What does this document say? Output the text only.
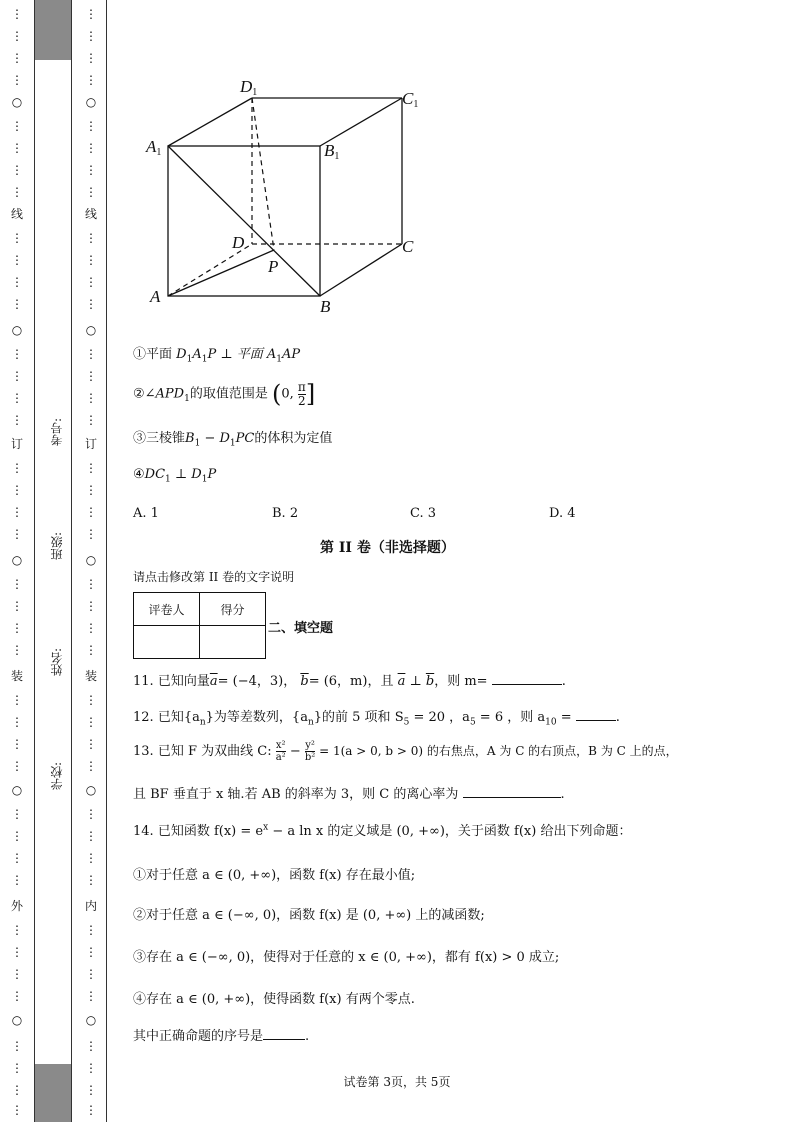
⋮
⋮
⋮
⋮
○
⋮
⋮
⋮
⋮
线
⋮
⋮
⋮
⋮
○
⋮
⋮
⋮
⋮
订
⋮
⋮
⋮
⋮
○
⋮
⋮
⋮
⋮
装
⋮
⋮
⋮
⋮
○
⋮
⋮
⋮
⋮
外
⋮
⋮
⋮
⋮
○
⋮
⋮
⋮
⋮
考号:
班级:
姓名:
学校:
⋮
⋮
⋮
⋮
○
⋮
⋮
⋮
⋮
线
⋮
⋮
⋮
⋮
○
⋮
⋮
⋮
⋮
订
⋮
⋮
⋮
⋮
○
⋮
⋮
⋮
⋮
装
⋮
⋮
⋮
⋮
○
⋮
⋮
⋮
⋮
内
⋮
⋮
⋮
⋮
○
⋮
⋮
⋮
⋮
D1	C1
A1	B1
D	C
P
A
B
①平面 $D_1A_1P$ ⊥ 平面 $A_1AP$
$②\angle APD_1$的取值范围是 (0, $\frac{\pi}{2}$ ]
③三棱锥$B_1 - D_1PC$的体积为定值
$④DC_1$ ⊥ $D_1P$
A. 1	B. 2	C. 3	D. 4
第 II 卷（非选择题）
请点击修改第 II 卷的文字说明
评卷人	得分

二、填空题
11. 已知向量$\overline{a}= (-4$，3)， $\overline{b}= (6$，m)，且 $\overline{a}$ ⊥ $\overline{b}$，则 m=	.
12. 已知$\{a_n\}$为等差数列，$\{a_n\}$的前 5 项和 $S_5 = 20$ ，$a_5 = 6$ ，则 $a_{10}$ =	.
13. 已知 F 为双曲线 C: $\frac{\text{x²}}{\text{a²}} - \frac{\text{y²}}{\text{b²}} = 1(a > 0$, b > 0) 的右焦点，A 为 C 的右顶点，B 为 C 上的点，
且 BF 垂直于 x 轴.若 AB 的斜率为 3，则 C 的离心率为	.
14. 已知函数 $f(x) = e^x - a$ ln x 的定义域是 (0, +∞)，关于函数 f(x) 给出下列命题：
①对于任意 a ∈ (0, +∞)，函数 f(x) 存在最小值;
②对于任意 a ∈ (−∞, 0)，函数 f(x) 是 (0, +∞) 上的减函数;
③存在 a ∈ (−∞, 0)，使得对于任意的 x ∈ (0, +∞)，都有 f(x) > 0 成立;
④存在 a ∈ (0, +∞)，使得函数 f(x) 有两个零点.
其中正确命题的序号是	.
试卷第 3页，共 5页
